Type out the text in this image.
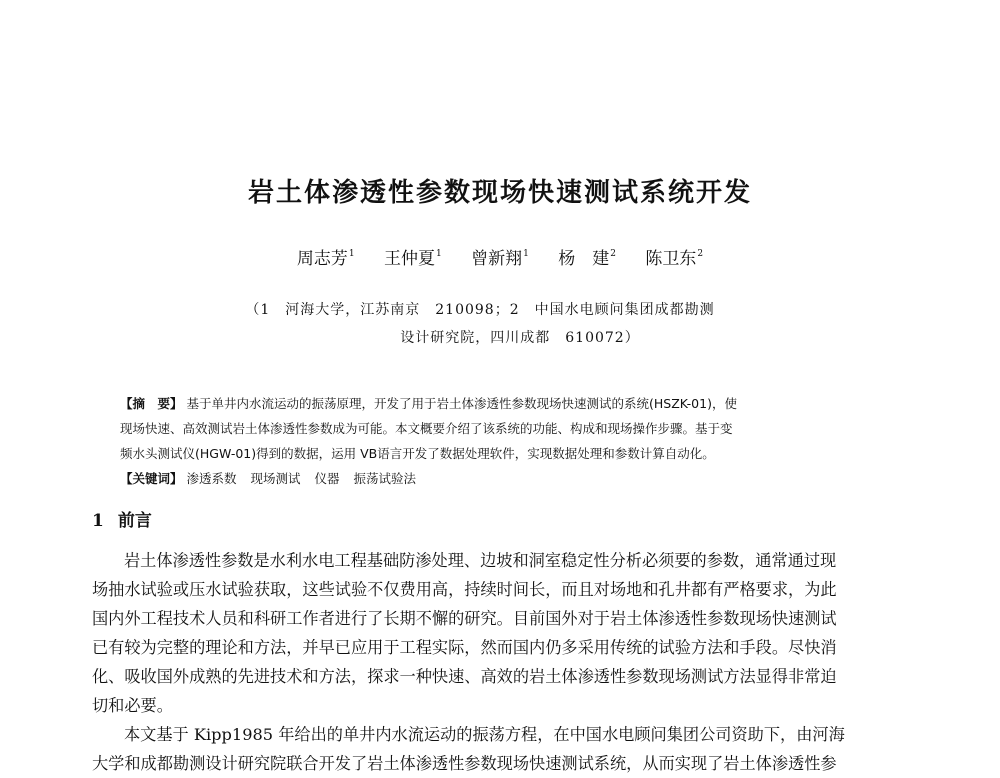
岩土体渗透性参数现场快速测试系统开发
周志芳$^1$ 王仲夏$^1$ 曾新翔$^1$ 杨　建$^2$ 陈卫东$^2$
（1　河海大学，江苏南京　210098；2　中国水电顾问集团成都勘测
设计研究院，四川成都　610072）
【摘　要】 基于单井内水流运动的振荡原理，开发了用于岩土体渗透性参数现场快速测试的系统(HSZK-01)，使
现场快速、高效测试岩土体渗透性参数成为可能。本文概要介绍了该系统的功能、构成和现场操作步骤。基于变
频水头测试仪(HGW-01)得到的数据，运用 VB语言开发了数据处理软件，实现数据处理和参数计算自动化。
【关键词】 渗透系数 现场测试 仪器 振荡试验法
1 前言
岩土体渗透性参数是水利水电工程基础防渗处理、边坡和洞室稳定性分析必须要的参数，通常通过现
场抽水试验或压水试验获取，这些试验不仅费用高，持续时间长，而且对场地和孔井都有严格要求，为此
国内外工程技术人员和科研工作者进行了长期不懈的研究。目前国外对于岩土体渗透性参数现场快速测试
已有较为完整的理论和方法，并早已应用于工程实际，然而国内仍多采用传统的试验方法和手段。尽快消
化、吸收国外成熟的先进技术和方法，探求一种快速、高效的岩土体渗透性参数现场测试方法显得非常迫
切和必要。
本文基于 Kipp1985 年给出的单井内水流运动的振荡方程，在中国水电顾问集团公司资助下，由河海
大学和成都勘测设计研究院联合开发了岩土体渗透性参数现场快速测试系统，从而实现了岩土体渗透性参
